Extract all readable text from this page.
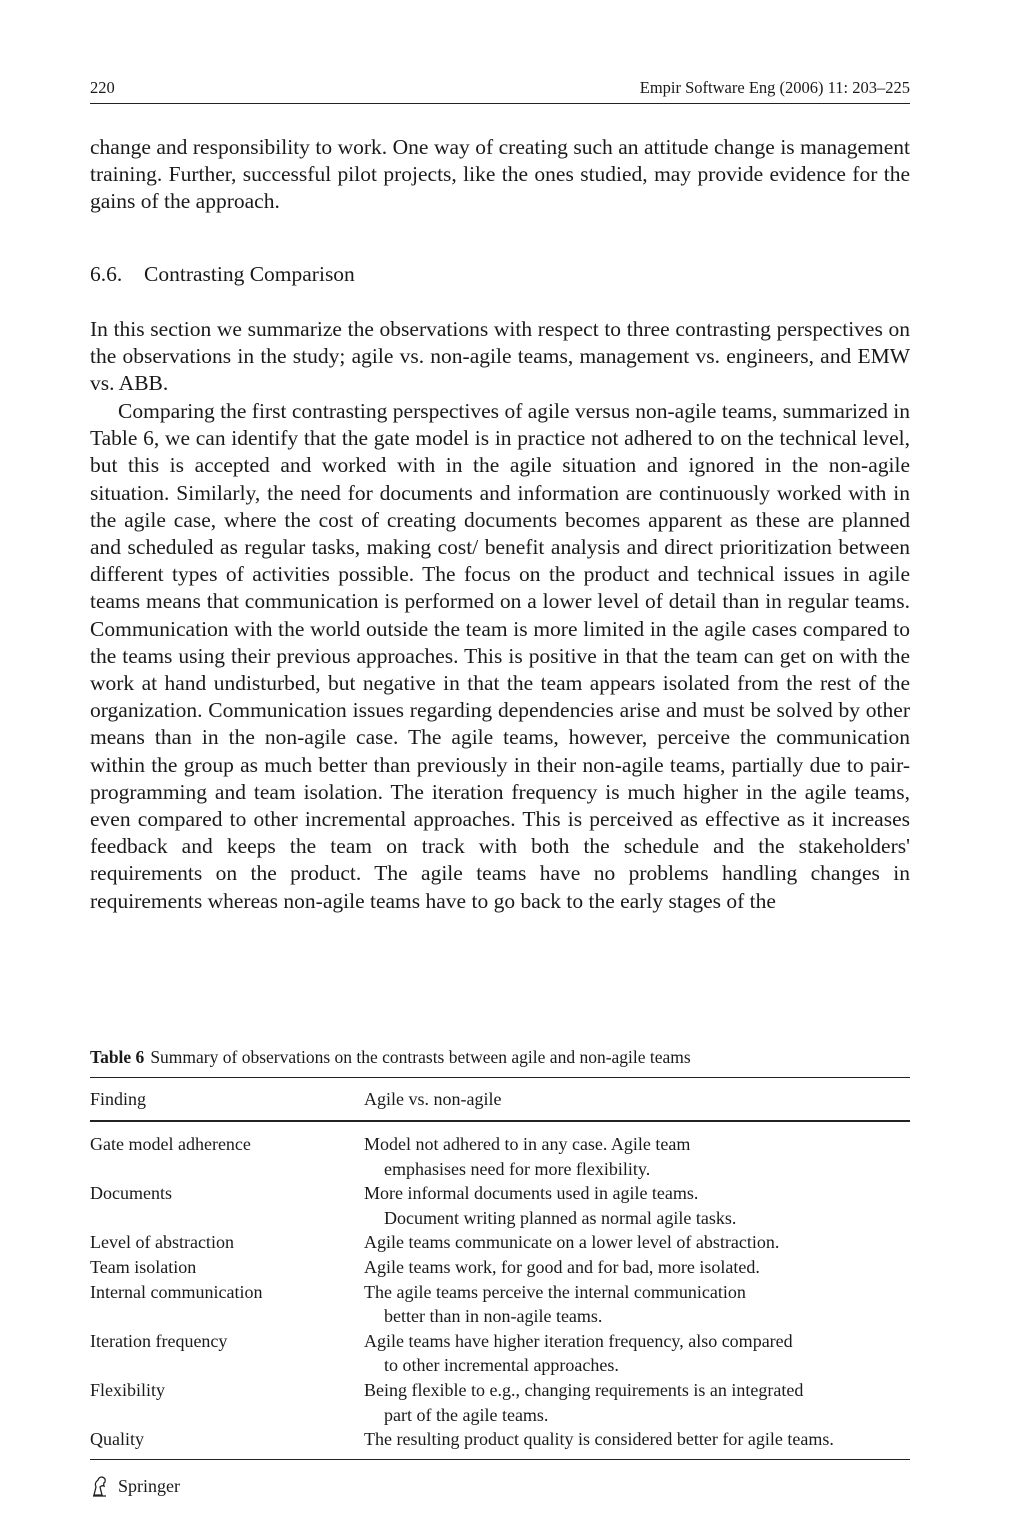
220	Empir Software Eng (2006) 11: 203–225

change and responsibility to work. One way of creating such an attitude change is management training. Further, successful pilot projects, like the ones studied, may provide evidence for the gains of the approach.

6.6. Contrasting Comparison

In this section we summarize the observations with respect to three contrasting perspectives on the observations in the study; agile vs. non-agile teams, management vs. engineers, and EMW vs. ABB.

Comparing the first contrasting perspectives of agile versus non-agile teams, summarized in Table 6, we can identify that the gate model is in practice not adhered to on the technical level, but this is accepted and worked with in the agile situation and ignored in the non-agile situation. Similarly, the need for documents and information are continuously worked with in the agile case, where the cost of creating documents becomes apparent as these are planned and scheduled as regular tasks, making cost/ benefit analysis and direct prioritization between different types of activities possible. The focus on the product and technical issues in agile teams means that communication is performed on a lower level of detail than in regular teams. Communication with the world outside the team is more limited in the agile cases compared to the teams using their previous approaches. This is positive in that the team can get on with the work at hand undisturbed, but negative in that the team appears isolated from the rest of the organization. Communication issues regarding dependencies arise and must be solved by other means than in the non-agile case. The agile teams, however, perceive the communication within the group as much better than previously in their non-agile teams, partially due to pair-programming and team isolation. The iteration frequency is much higher in the agile teams, even compared to other incremental approaches. This is perceived as effective as it increases feedback and keeps the team on track with both the schedule and the stakeholders' requirements on the product. The agile teams have no problems handling changes in requirements whereas non-agile teams have to go back to the early stages of the

Table 6 Summary of observations on the contrasts between agile and non-agile teams
Finding	Agile vs. non-agile
Gate model adherence	Model not adhered to in any case. Agile team
emphasises need for more flexibility.
Documents	More informal documents used in agile teams.
Document writing planned as normal agile tasks.
Level of abstraction	Agile teams communicate on a lower level of abstraction.
Team isolation	Agile teams work, for good and for bad, more isolated.
Internal communication	The agile teams perceive the internal communication
better than in non-agile teams.
Iteration frequency	Agile teams have higher iteration frequency, also compared
to other incremental approaches.
Flexibility	Being flexible to e.g., changing requirements is an integrated
part of the agile teams.
Quality	The resulting product quality is considered better for agile teams.
Springer
